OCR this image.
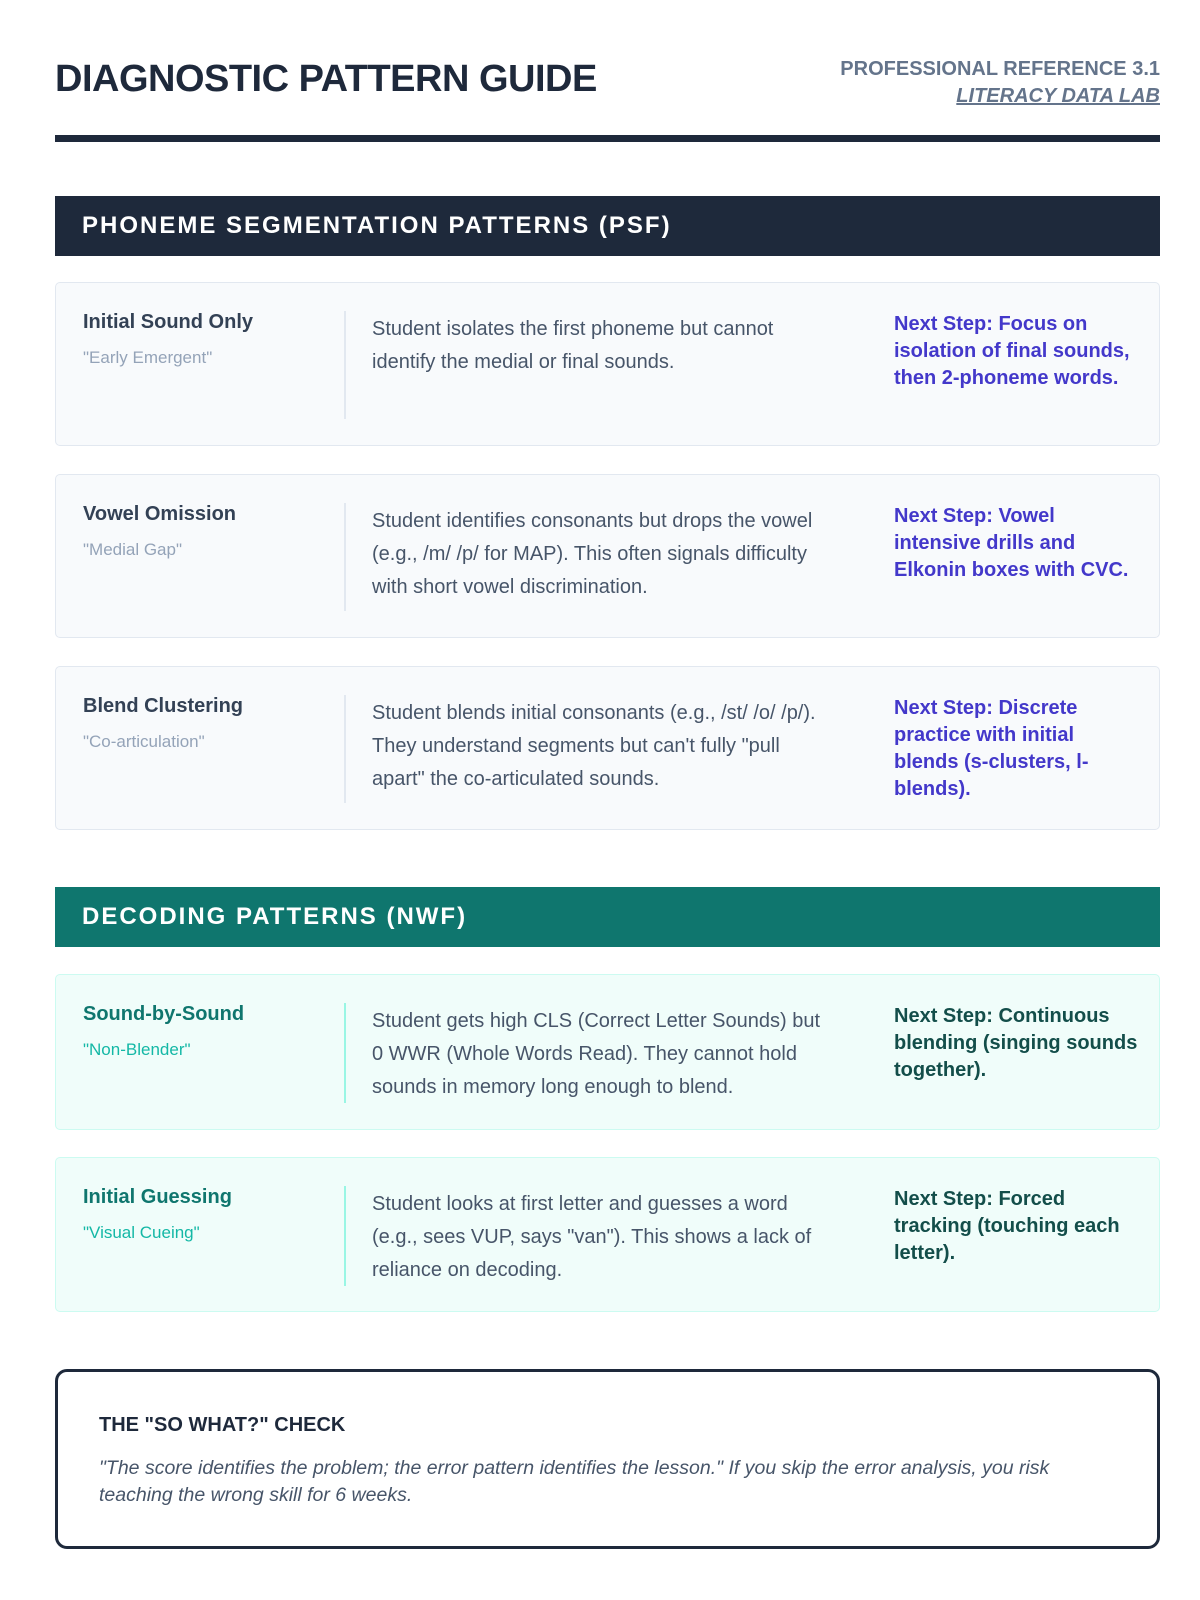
DIAGNOSTIC PATTERN GUIDE	PROFESSIONAL REFERENCE 3.1
LITERACY DATA LAB
PHONEME SEGMENTATION PATTERNS (PSF)
Initial Sound Only
"Early Emergent"
Student isolates the first phoneme but cannot identify the medial or final sounds.
Next Step: Focus on isolation of final sounds, then 2-phoneme words.
Vowel Omission
"Medial Gap"
Student identifies consonants but drops the vowel (e.g., /m/ /p/ for MAP). This often signals difficulty with short vowel discrimination.
Next Step: Vowel intensive drills and Elkonin boxes with CVC.
Blend Clustering
"Co-articulation"
Student blends initial consonants (e.g., /st/ /o/ /p/). They understand segments but can't fully "pull apart" the co-articulated sounds.
Next Step: Discrete practice with initial blends (s-clusters, l-blends).
DECODING PATTERNS (NWF)
Sound-by-Sound
"Non-Blender"
Student gets high CLS (Correct Letter Sounds) but 0 WWR (Whole Words Read). They cannot hold sounds in memory long enough to blend.
Next Step: Continuous blending (singing sounds together).
Initial Guessing
"Visual Cueing"
Student looks at first letter and guesses a word (e.g., sees VUP, says "van"). This shows a lack of reliance on decoding.
Next Step: Forced tracking (touching each letter).
THE "SO WHAT?" CHECK
"The score identifies the problem; the error pattern identifies the lesson." If you skip the error analysis, you risk teaching the wrong skill for 6 weeks.
